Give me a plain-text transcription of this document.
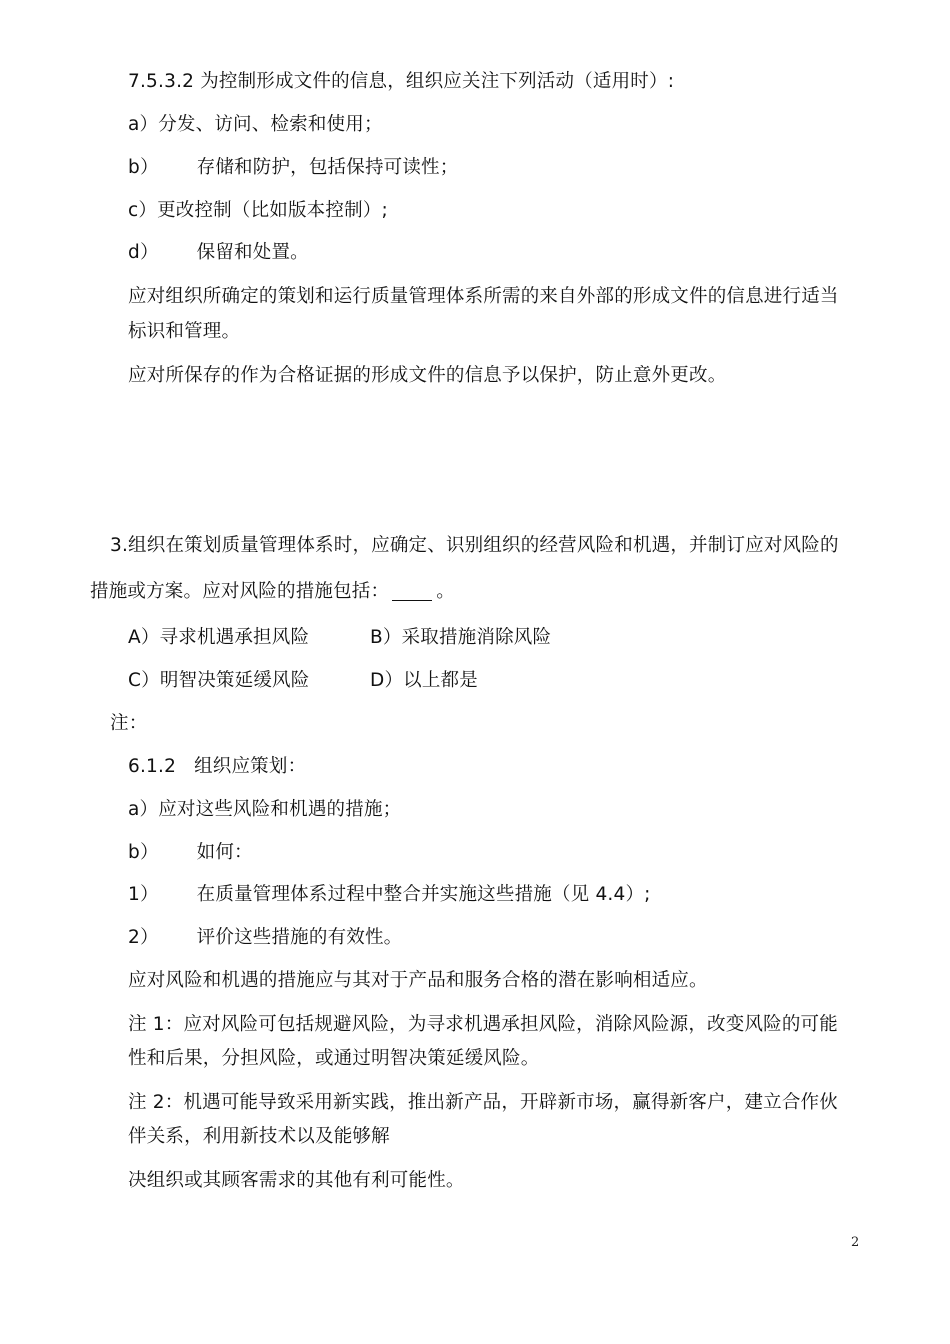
7.5.3.2 为控制形成文件的信息，组织应关注下列活动（适用时）:
a）分发、访问、检索和使用；
b） 存储和防护，包括保持可读性；
c）更改控制（比如版本控制）;
d） 保留和处置。
应对组织所确定的策划和运行质量管理体系所需的来自外部的形成文件的信息进行适当
标识和管理。
应对所保存的作为合格证据的形成文件的信息予以保护，防止意外更改。
3.组织在策划质量管理体系时，应确定、识别组织的经营风险和机遇，并制订应对风险的
措施或方案。应对风险的措施包括：	。
A）寻求机遇承担风险	B）采取措施消除风险
C）明智决策延缓风险	D）以上都是
注：
6.1.2 组织应策划：
a）应对这些风险和机遇的措施；
b） 如何：
1） 在质量管理体系过程中整合并实施这些措施（见 4.4）;
2） 评价这些措施的有效性。
应对风险和机遇的措施应与其对于产品和服务合格的潜在影响相适应。
注 1：应对风险可包括规避风险，为寻求机遇承担风险，消除风险源，改变风险的可能
性和后果，分担风险，或通过明智决策延缓风险。
注 2：机遇可能导致采用新实践，推出新产品，开辟新市场，赢得新客户，建立合作伙
伴关系，利用新技术以及能够解
决组织或其顾客需求的其他有利可能性。
2
